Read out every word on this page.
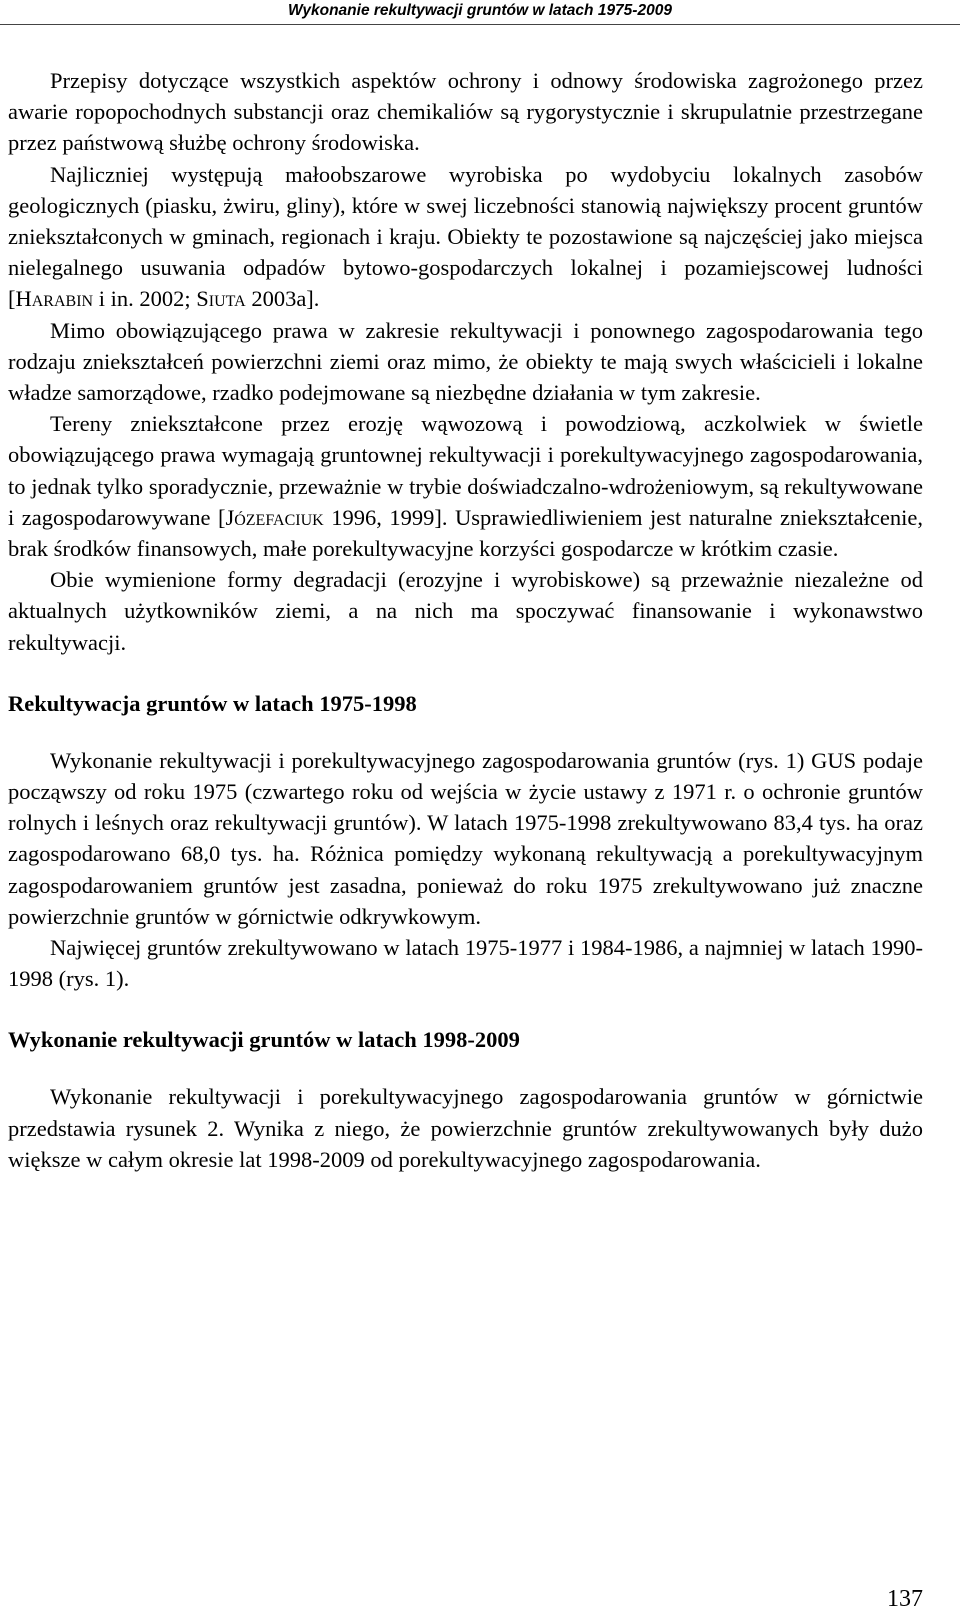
Wykonanie rekultywacji gruntów w latach 1975-2009

Przepisy dotyczące wszystkich aspektów ochrony i odnowy środowiska zagrożonego przez awarie ropopochodnych substancji oraz chemikaliów są rygorystycznie i skrupulatnie przestrzegane przez państwową służbę ochrony środowiska.

Najliczniej występują małoobszarowe wyrobiska po wydobyciu lokalnych zasobów geologicznych (piasku, żwiru, gliny), które w swej liczebności stanowią największy procent gruntów zniekształconych w gminach, regionach i kraju. Obiekty te pozostawione są najczęściej jako miejsca nielegalnego usuwania odpadów bytowo-gospodarczych lokalnej i pozamiejscowej ludności [Harabin i in. 2002; Siuta 2003a].

Mimo obowiązującego prawa w zakresie rekultywacji i ponownego zagospodarowania tego rodzaju zniekształceń powierzchni ziemi oraz mimo, że obiekty te mają swych właścicieli i lokalne władze samorządowe, rzadko podejmowane są niezbędne działania w tym zakresie.

Tereny zniekształcone przez erozję wąwozową i powodziową, aczkolwiek w świetle obowiązującego prawa wymagają gruntownej rekultywacji i porekultywacyjnego zagospodarowania, to jednak tylko sporadycznie, przeważnie w trybie doświadczalno-wdrożeniowym, są rekultywowane i zagospodarowywane [Józefaciuk 1996, 1999]. Usprawiedliwieniem jest naturalne zniekształcenie, brak środków finansowych, małe porekultywacyjne korzyści gospodarcze w krótkim czasie.

Obie wymienione formy degradacji (erozyjne i wyrobiskowe) są przeważnie niezależne od aktualnych użytkowników ziemi, a na nich ma spoczywać finansowanie i wykonawstwo rekultywacji.

Rekultywacja gruntów w latach 1975-1998

Wykonanie rekultywacji i porekultywacyjnego zagospodarowania gruntów (rys. 1) GUS podaje począwszy od roku 1975 (czwartego roku od wejścia w życie ustawy z 1971 r. o ochronie gruntów rolnych i leśnych oraz rekultywacji gruntów). W latach 1975-1998 zrekultywowano 83,4 tys. ha oraz zagospodarowano 68,0 tys. ha. Różnica pomiędzy wykonaną rekultywacją a porekultywacyjnym zagospodarowaniem gruntów jest zasadna, ponieważ do roku 1975 zrekultywowano już znaczne powierzchnie gruntów w górnictwie odkrywkowym.

Najwięcej gruntów zrekultywowano w latach 1975-1977 i 1984-1986, a najmniej w latach 1990-1998 (rys. 1).

Wykonanie rekultywacji gruntów w latach 1998-2009

Wykonanie rekultywacji i porekultywacyjnego zagospodarowania gruntów w górnictwie przedstawia rysunek 2. Wynika z niego, że powierzchnie gruntów zrekultywowanych były dużo większe w całym okresie lat 1998-2009 od porekultywacyjnego zagospodarowania.

137
